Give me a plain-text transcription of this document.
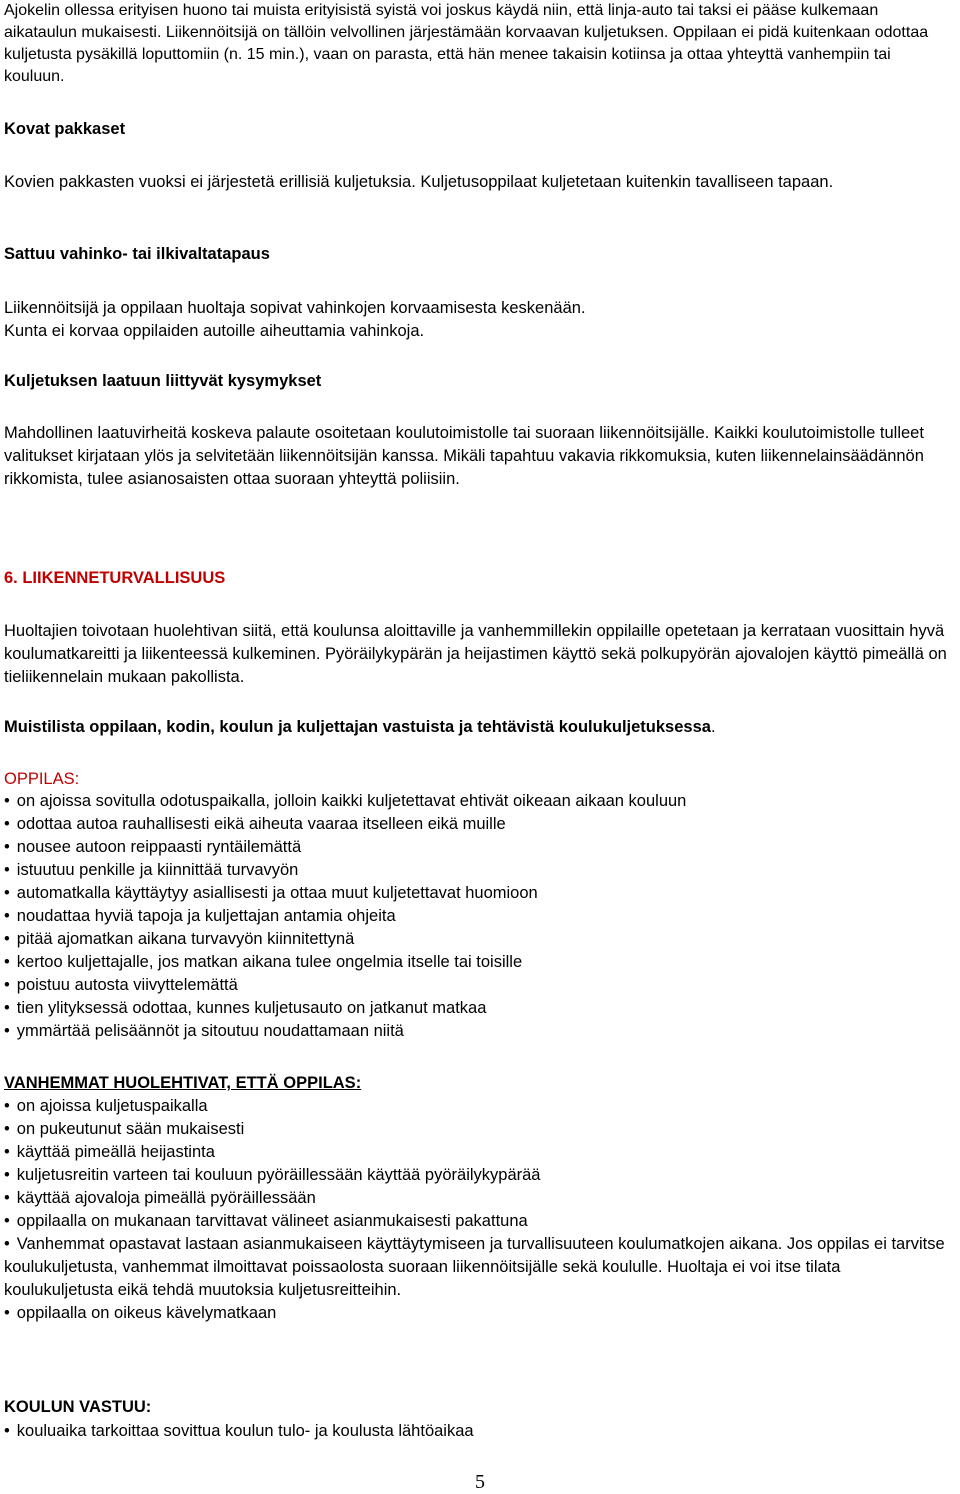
Ajokelin ollessa erityisen huono tai muista erityisistä syistä voi joskus käydä niin, että linja-auto tai taksi ei pääse kulkemaan aikataulun mukaisesti. Liikennöitsijä on tällöin velvollinen järjestämään korvaavan kuljetuksen. Oppilaan ei pidä kuitenkaan odottaa kuljetusta pysäkillä loputtomiin (n. 15 min.), vaan on parasta, että hän menee takaisin kotiinsa ja ottaa yhteyttä vanhempiin tai kouluun.

Kovat pakkaset

Kovien pakkasten vuoksi ei järjestetä erillisiä kuljetuksia. Kuljetusoppilaat kuljetetaan kuitenkin tavalliseen tapaan.

Sattuu vahinko- tai ilkivaltatapaus

Liikennöitsijä ja oppilaan huoltaja sopivat vahinkojen korvaamisesta keskenään.

Kunta ei korvaa oppilaiden autoille aiheuttamia vahinkoja.

Kuljetuksen laatuun liittyvät kysymykset

Mahdollinen laatuvirheitä koskeva palaute osoitetaan koulutoimistolle tai suoraan liikennöitsijälle. Kaikki koulutoimistolle tulleet valitukset kirjataan ylös ja selvitetään liikennöitsijän kanssa. Mikäli tapahtuu vakavia rikkomuksia, kuten liikennelainsäädännön rikkomista, tulee asianosaisten ottaa suoraan yhteyttä poliisiin.

6. LIIKENNETURVALLISUUS

Huoltajien toivotaan huolehtivan siitä, että koulunsa aloittaville ja vanhemmillekin oppilaille opetetaan ja kerrataan vuosittain hyvä koulumatkareitti ja liikenteessä kulkeminen. Pyöräilykypärän ja heijastimen käyttö sekä polkupyörän ajovalojen käyttö pimeällä on tieliikennelain mukaan pakollista.

Muistilista oppilaan, kodin, koulun ja kuljettajan vastuista ja tehtävistä koulukuljetuksessa.

OPPILAS:

• on ajoissa sovitulla odotuspaikalla, jolloin kaikki kuljetettavat ehtivät oikeaan aikaan kouluun
• odottaa autoa rauhallisesti eikä aiheuta vaaraa itselleen eikä muille
• nousee autoon reippaasti ryntäilemättä
• istuutuu penkille ja kiinnittää turvavyön
• automatkalla käyttäytyy asiallisesti ja ottaa muut kuljetettavat huomioon
• noudattaa hyviä tapoja ja kuljettajan antamia ohjeita
• pitää ajomatkan aikana turvavyön kiinnitettynä
• kertoo kuljettajalle, jos matkan aikana tulee ongelmia itselle tai toisille
• poistuu autosta viivyttelemättä
• tien ylityksessä odottaa, kunnes kuljetusauto on jatkanut matkaa
• ymmärtää pelisäännöt ja sitoutuu noudattamaan niitä

VANHEMMAT HUOLEHTIVAT, ETTÄ OPPILAS:

• on ajoissa kuljetuspaikalla
• on pukeutunut sään mukaisesti
• käyttää pimeällä heijastinta
• kuljetusreitin varteen tai kouluun pyöräillessään käyttää pyöräilykypärää
• käyttää ajovaloja pimeällä pyöräillessään
• oppilaalla on mukanaan tarvittavat välineet asianmukaisesti pakattuna
• Vanhemmat opastavat lastaan asianmukaiseen käyttäytymiseen ja turvallisuuteen koulumatkojen aikana. Jos oppilas ei tarvitse koulukuljetusta, vanhemmat ilmoittavat poissaolosta suoraan liikennöitsijälle sekä koululle. Huoltaja ei voi itse tilata koulukuljetusta eikä tehdä muutoksia kuljetusreitteihin.
• oppilaalla on oikeus kävelymatkaan

KOULUN VASTUU:

• kouluaika tarkoittaa sovittua koulun tulo- ja koulusta lähtöaikaa
5
